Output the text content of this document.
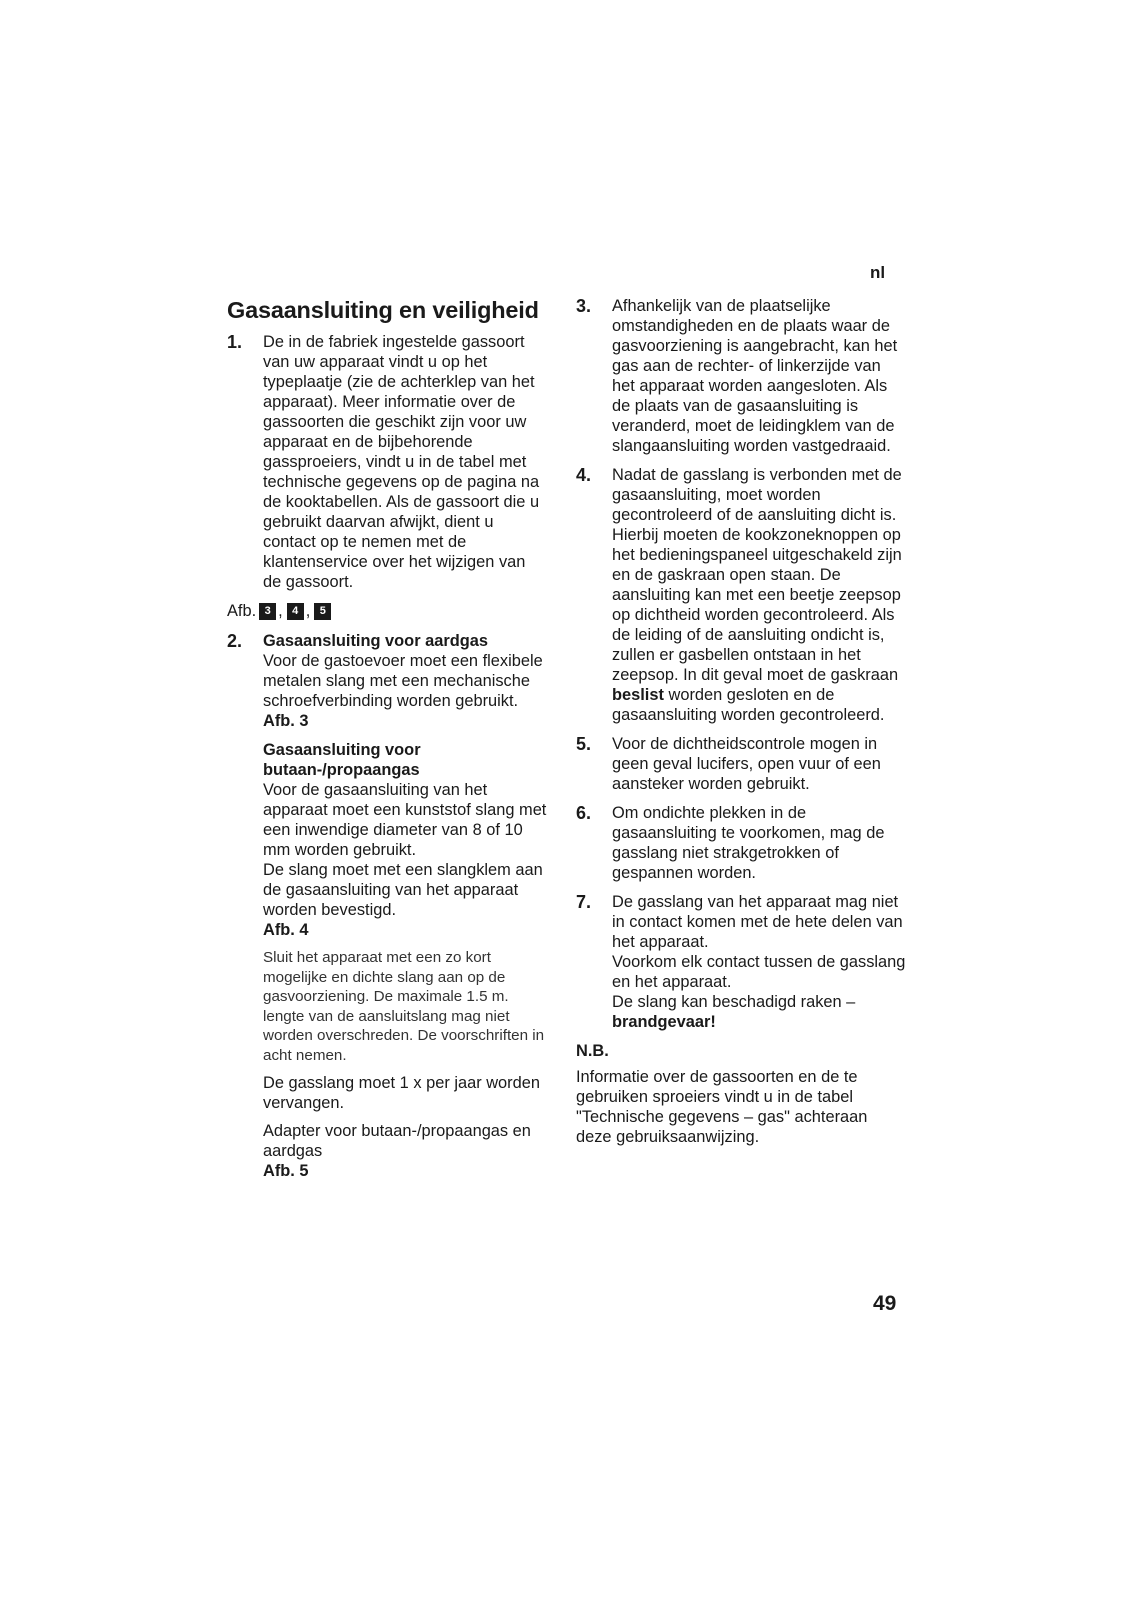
nl
Gasaansluiting en veiligheid
1. De in de fabriek ingestelde gassoort van uw apparaat vindt u op het typeplaatje (zie de achterklep van het apparaat). Meer informatie over de gassoorten die geschikt zijn voor uw apparaat en de bijbehorende gassproeiers, vindt u in de tabel met technische gegevens op de pagina na de kooktabellen. Als de gassoort die u gebruikt daarvan afwijkt, dient u contact op te nemen met de klantenservice over het wijzigen van de gassoort.
Afb. 3 , 4 , 5
2. Gasaansluiting voor aardgas
Voor de gastoevoer moet een flexibele metalen slang met een mechanische schroefverbinding worden gebruikt. Afb. 3
Gasaansluiting voor butaan-/propaangas
Voor de gasaansluiting van het apparaat moet een kunststof slang met een inwendige diameter van 8 of 10 mm worden gebruikt.
De slang moet met een slangklem aan de gasaansluiting van het apparaat worden bevestigd.

Afb. 4

Sluit het apparaat met een zo kort mogelijke en dichte slang aan op de gasvoorziening. De maximale 1.5 m. lengte van de aansluitslang mag niet worden overschreden. De voorschriften in acht nemen.

De gasslang moet 1 x per jaar worden vervangen.

Adapter voor butaan-/propaangas en aardgas
Afb. 5

3. Afhankelijk van de plaatselijke omstandigheden en de plaats waar de gasvoorziening is aangebracht, kan het gas aan de rechter- of linkerzijde van het apparaat worden aangesloten. Als de plaats van de gasaansluiting is veranderd, moet de leidingklem van de slangaansluiting worden vastgedraaid.
4. Nadat de gasslang is verbonden met de gasaansluiting, moet worden gecontroleerd of de aansluiting dicht is. Hierbij moeten de kookzoneknoppen op het bedieningspaneel uitgeschakeld zijn en de gaskraan open staan. De aansluiting kan met een beetje zeepsop op dichtheid worden gecontroleerd. Als de leiding of de aansluiting ondicht is, zullen er gasbellen ontstaan in het zeepsop. In dit geval moet de gaskraan beslist worden gesloten en de gasaansluiting worden gecontroleerd.
5. Voor de dichtheidscontrole mogen in geen geval lucifers, open vuur of een aansteker worden gebruikt.
6. Om ondichte plekken in de gasaansluiting te voorkomen, mag de gasslang niet strakgetrokken of gespannen worden.
7. De gasslang van het apparaat mag niet in contact komen met de hete delen van het apparaat.
Voorkom elk contact tussen de gasslang en het apparaat.
De slang kan beschadigd raken –
brandgevaar!
N.B.

Informatie over de gassoorten en de te gebruiken sproeiers vindt u in de tabel "Technische gegevens – gas" achteraan deze gebruiksaanwijzing.

49
